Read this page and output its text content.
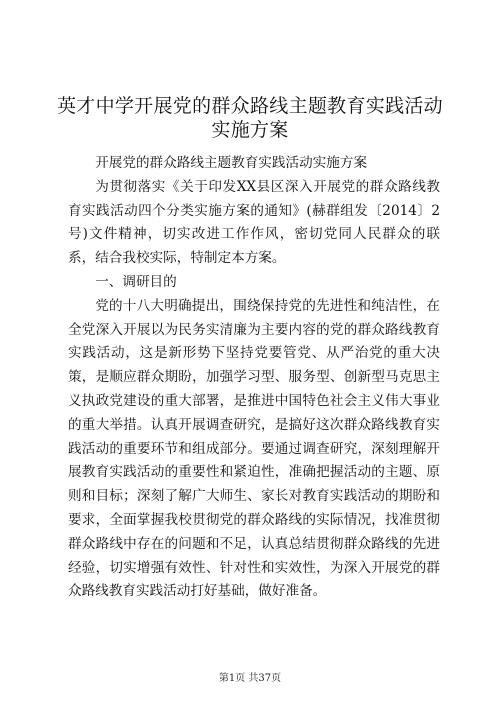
英才中学开展党的群众路线主题教育实践活动
实施方案

开展党的群众路线主题教育实践活动实施方案

为贯彻落实《关于印发XX县区深入开展党的群众路线教育实践活动四个分类实施方案的通知》(赫群组发〔2014〕2号)文件精神，切实改进工作作风，密切党同人民群众的联系，结合我校实际，特制定本方案。

一、调研目的

党的十八大明确提出，围绕保持党的先进性和纯洁性，在全党深入开展以为民务实清廉为主要内容的党的群众路线教育实践活动，这是新形势下坚持党要管党、从严治党的重大决策，是顺应群众期盼，加强学习型、服务型、创新型马克思主义执政党建设的重大部署，是推进中国特色社会主义伟大事业的重大举措。认真开展调查研究，是搞好这次群众路线教育实践活动的重要环节和组成部分。要通过调查研究，深刻理解开展教育实践活动的重要性和紧迫性，准确把握活动的主题、原则和目标；深刻了解广大师生、家长对教育实践活动的期盼和要求，全面掌握我校贯彻党的群众路线的实际情况，找准贯彻群众路线中存在的问题和不足，认真总结贯彻群众路线的先进经验，切实增强有效性、针对性和实效性，为深入开展党的群众路线教育实践活动打好基础，做好准备。

第1页 共37页
